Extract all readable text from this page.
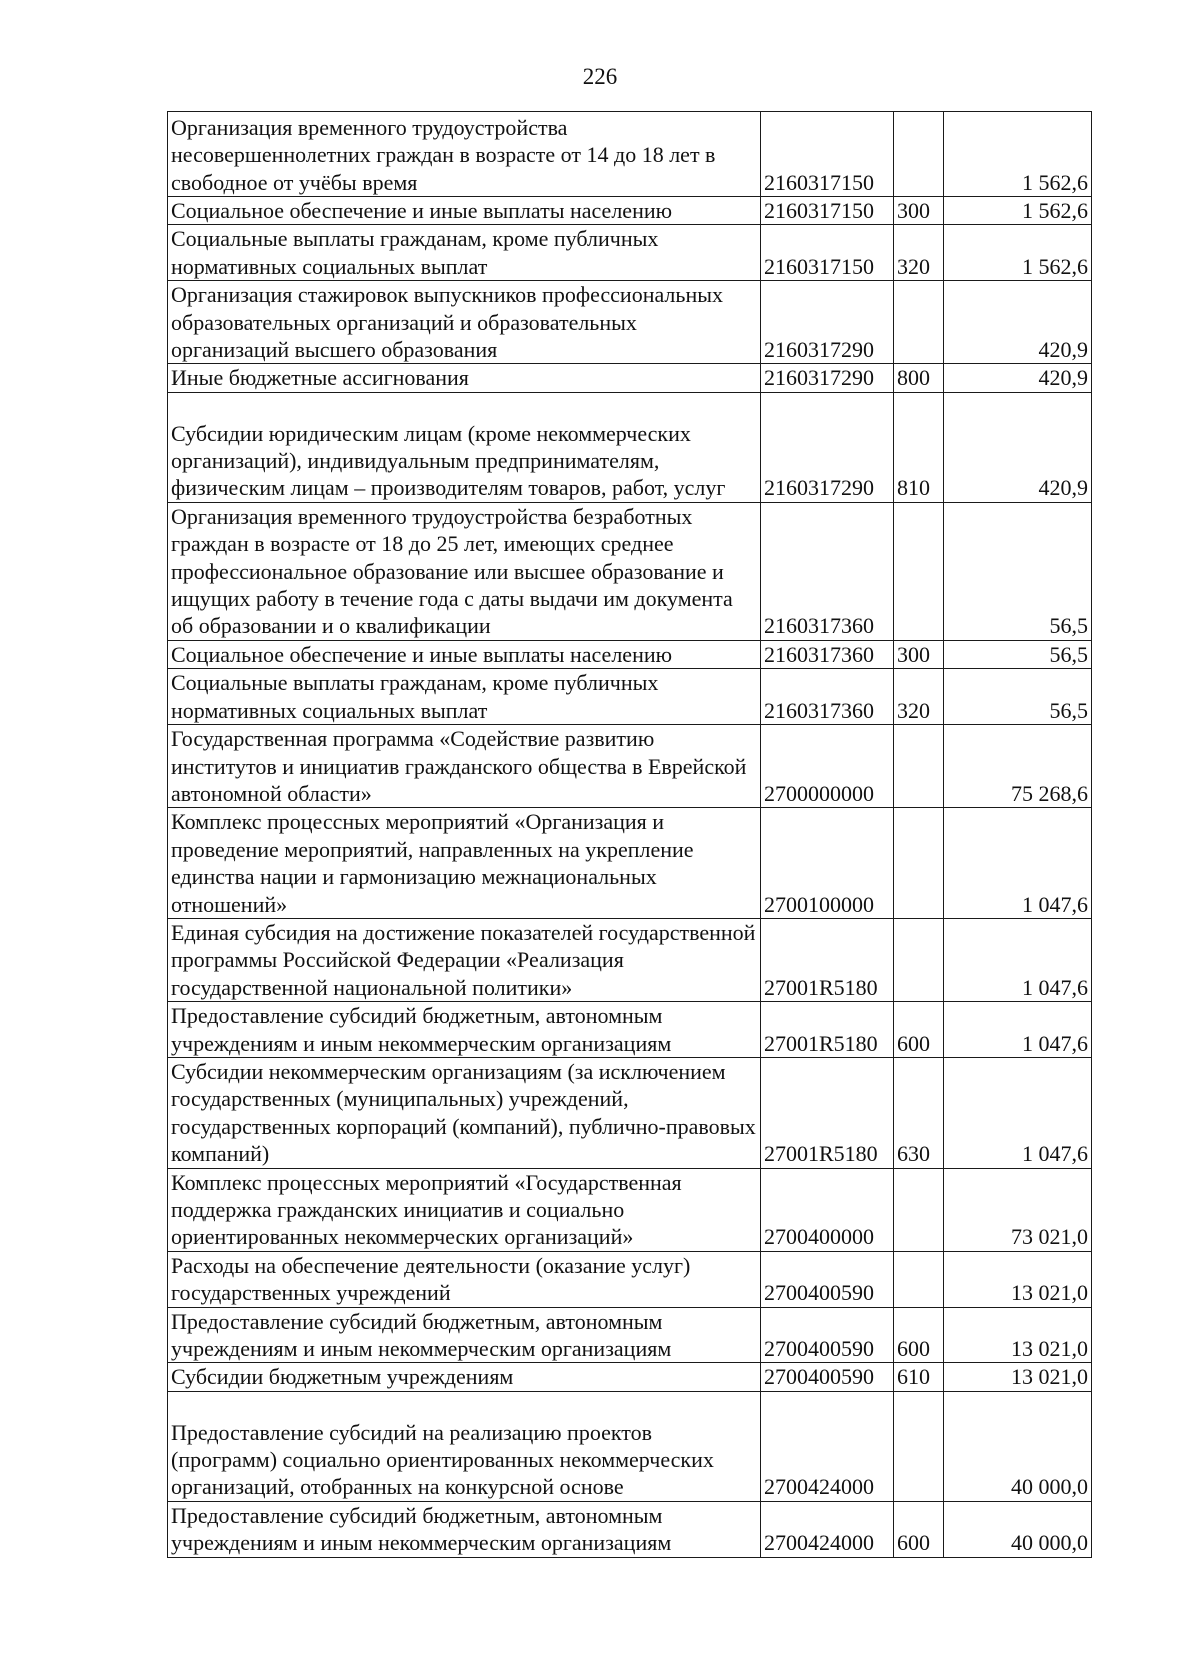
226
Организация временного трудоустройства несовершеннолетних граждан в возрасте от 14 до 18 лет в свободное от учёбы время	2160317150		1 562,6
Социальное обеспечение и иные выплаты населению	2160317150	300	1 562,6
Социальные выплаты гражданам, кроме публичных нормативных социальных выплат	2160317150	320	1 562,6
Организация стажировок выпускников профессиональных образовательных организаций и образовательных организаций высшего образования	2160317290		420,9
Иные бюджетные ассигнования	2160317290	800	420,9
Субсидии юридическим лицам (кроме некоммерческих организаций), индивидуальным предпринимателям, физическим лицам – производителям товаров, работ, услуг	2160317290	810	420,9
Организация временного трудоустройства безработных граждан в возрасте от 18 до 25 лет, имеющих среднее профессиональное образование или высшее образование и ищущих работу в течение года с даты выдачи им документа об образовании и о квалификации	2160317360		56,5
Социальное обеспечение и иные выплаты населению	2160317360	300	56,5
Социальные выплаты гражданам, кроме публичных нормативных социальных выплат	2160317360	320	56,5
Государственная программа «Содействие развитию институтов и инициатив гражданского общества в Еврейской автономной области»	2700000000		75 268,6
Комплекс процессных мероприятий «Организация и проведение мероприятий, направленных на укрепление единства нации и гармонизацию межнациональных отношений»	2700100000		1 047,6
Единая субсидия на достижение показателей государственной программы Российской Федерации «Реализация государственной национальной политики»	27001R5180		1 047,6
Предоставление субсидий бюджетным, автономным учреждениям и иным некоммерческим организациям	27001R5180	600	1 047,6
Субсидии некоммерческим организациям (за исключением государственных (муниципальных) учреждений, государственных корпораций (компаний), публично-правовых компаний)	27001R5180	630	1 047,6
Комплекс процессных мероприятий «Государственная поддержка гражданских инициатив и социально ориентированных некоммерческих организаций»	2700400000		73 021,0
Расходы на обеспечение деятельности (оказание услуг) государственных учреждений	2700400590		13 021,0
Предоставление субсидий бюджетным, автономным учреждениям и иным некоммерческим организациям	2700400590	600	13 021,0
Субсидии бюджетным учреждениям	2700400590	610	13 021,0
Предоставление субсидий на реализацию проектов (программ) социально ориентированных некоммерческих организаций, отобранных на конкурсной основе	2700424000		40 000,0
Предоставление субсидий бюджетным, автономным учреждениям и иным некоммерческим организациям	2700424000	600	40 000,0
